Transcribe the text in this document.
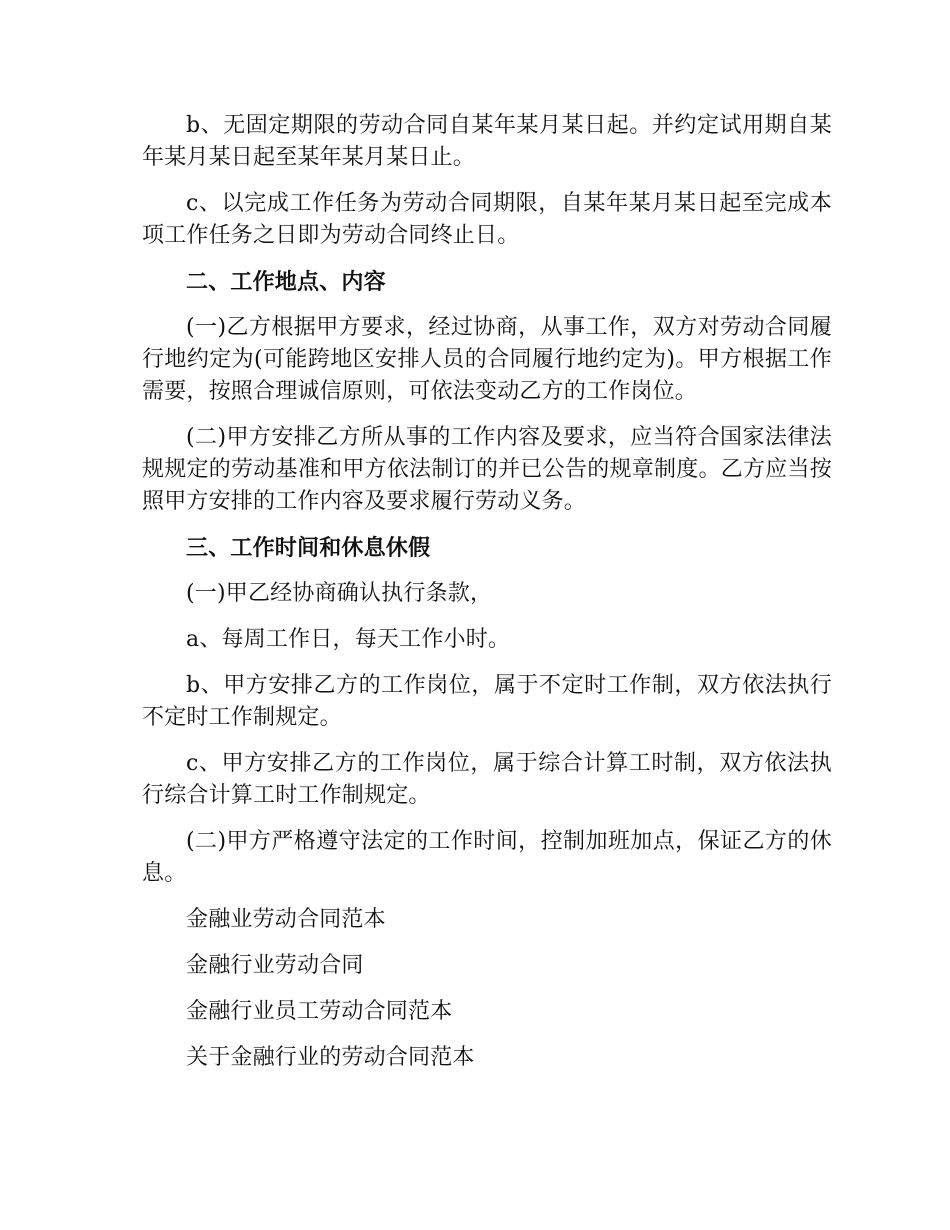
b、无固定期限的劳动合同自某年某月某日起。并约定试用期自某年某月某日起至某年某月某日止。

c、以完成工作任务为劳动合同期限，自某年某月某日起至完成本项工作任务之日即为劳动合同终止日。

二、工作地点、内容

(一)乙方根据甲方要求，经过协商，从事工作，双方对劳动合同履行地约定为(可能跨地区安排人员的合同履行地约定为)。甲方根据工作需要，按照合理诚信原则，可依法变动乙方的工作岗位。

(二)甲方安排乙方所从事的工作内容及要求，应当符合国家法律法规规定的劳动基准和甲方依法制订的并已公告的规章制度。乙方应当按照甲方安排的工作内容及要求履行劳动义务。

三、工作时间和休息休假

(一)甲乙经协商确认执行条款，

a、每周工作日，每天工作小时。

b、甲方安排乙方的工作岗位，属于不定时工作制，双方依法执行不定时工作制规定。

c、甲方安排乙方的工作岗位，属于综合计算工时制，双方依法执行综合计算工时工作制规定。

(二)甲方严格遵守法定的工作时间，控制加班加点，保证乙方的休息。

金融业劳动合同范本

金融行业劳动合同

金融行业员工劳动合同范本

关于金融行业的劳动合同范本
